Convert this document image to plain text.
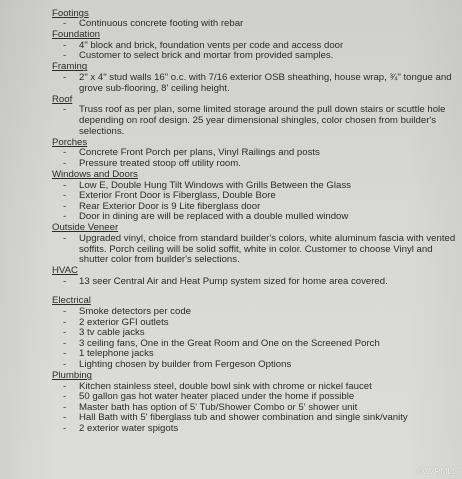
Footings
- Continuous concrete footing with rebar
Foundation
- 4" block and brick, foundation vents per code and access door
- Customer to select brick and mortar from provided samples.
Framing
- 2" x 4" stud walls 16" o.c. with 7/16 exterior OSB sheathing, house wrap, ¾" tongue and grove sub-flooring, 8' ceiling height.
Roof
- Truss roof as per plan, some limited storage around the pull down stairs or scuttle hole depending on roof design. 25 year dimensional shingles, color chosen from builder's selections.
Porches
- Concrete Front Porch per plans, Vinyl Railings and posts
- Pressure treated stoop off utility room.
Windows and Doors
- Low E, Double Hung Tilt Windows with Grills Between the Glass
- Exterior Front Door is Fiberglass, Double Bore
- Rear Exterior Door is 9 Lite fiberglass door
- Door in dining are will be replaced with a double mulled window
Outside Veneer
- Upgraded vinyl, choice from standard builder's colors, white aluminum fascia with vented soffits. Porch ceiling will be solid soffit, white in color. Customer to choose Vinyl and shutter color from builder's selections.
HVAC
- 13 seer Central Air and Heat Pump system sized for home area covered.
Electrical
- Smoke detectors per code
- 2 exterior GFI outlets
- 3 tv cable jacks
- 3 ceiling fans, One in the Great Room and One on the Screened Porch
- 1 telephone jacks
- Lighting chosen by builder from Fergeson Options
Plumbing
- Kitchen stainless steel, double bowl sink with chrome or nickel faucet
- 50 gallon gas hot water heater placed under the home if possible
- Master bath has option of 5' Tub/Shower Combo or 5' shower unit
- Hall Bath with 5' fiberglass tub and shower combination and single sink/vanity
- 2 exterior water spigots
©CVRMLS
